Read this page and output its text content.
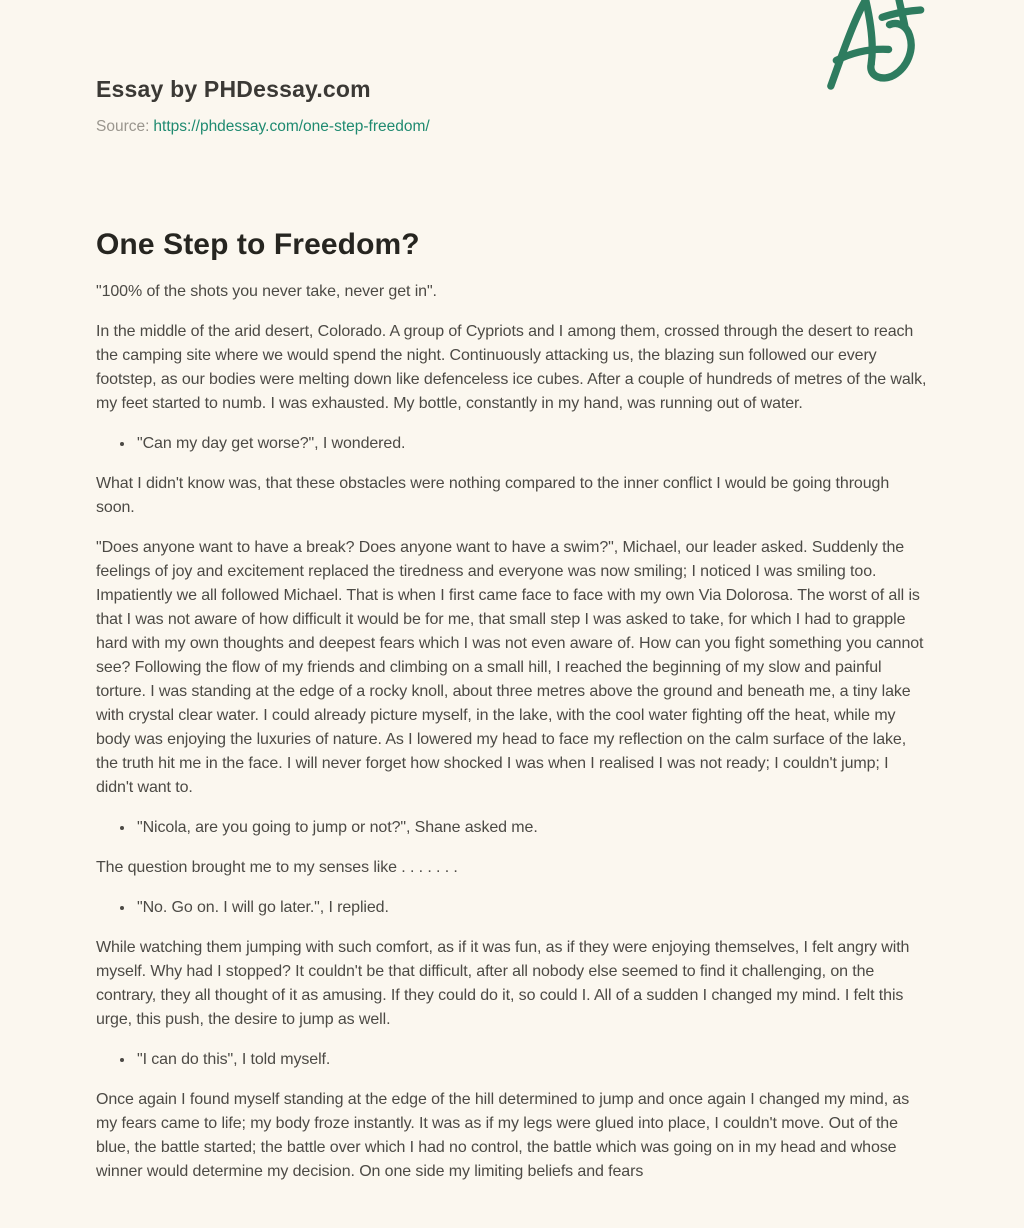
Essay by PHDessay.com
Source: https://phdessay.com/one-step-freedom/
One Step to Freedom?

"100% of the shots you never take, never get in".

In the middle of the arid desert, Colorado. A group of Cypriots and I among them, crossed through the desert to reach the camping site where we would spend the night. Continuously attacking us, the blazing sun followed our every footstep, as our bodies were melting down like defenceless ice cubes. After a couple of hundreds of metres of the walk, my feet started to numb. I was exhausted. My bottle, constantly in my hand, was running out of water.

• "Can my day get worse?", I wondered.

What I didn't know was, that these obstacles were nothing compared to the inner conflict I would be going through soon.

"Does anyone want to have a break? Does anyone want to have a swim?", Michael, our leader asked. Suddenly the feelings of joy and excitement replaced the tiredness and everyone was now smiling; I noticed I was smiling too. Impatiently we all followed Michael. That is when I first came face to face with my own Via Dolorosa. The worst of all is that I was not aware of how difficult it would be for me, that small step I was asked to take, for which I had to grapple hard with my own thoughts and deepest fears which I was not even aware of. How can you fight something you cannot see? Following the flow of my friends and climbing on a small hill, I reached the beginning of my slow and painful torture. I was standing at the edge of a rocky knoll, about three metres above the ground and beneath me, a tiny lake with crystal clear water. I could already picture myself, in the lake, with the cool water fighting off the heat, while my body was enjoying the luxuries of nature. As I lowered my head to face my reflection on the calm surface of the lake, the truth hit me in the face. I will never forget how shocked I was when I realised I was not ready; I couldn't jump; I didn't want to.

• "Nicola, are you going to jump or not?", Shane asked me.

The question brought me to my senses like . . . . . . .

• "No. Go on. I will go later.", I replied.

While watching them jumping with such comfort, as if it was fun, as if they were enjoying themselves, I felt angry with myself. Why had I stopped? It couldn't be that difficult, after all nobody else seemed to find it challenging, on the contrary, they all thought of it as amusing. If they could do it, so could I. All of a sudden I changed my mind. I felt this urge, this push, the desire to jump as well.

• "I can do this", I told myself.

Once again I found myself standing at the edge of the hill determined to jump and once again I changed my mind, as my fears came to life; my body froze instantly. It was as if my legs were glued into place, I couldn't move. Out of the blue, the battle started; the battle over which I had no control, the battle which was going on in my head and whose winner would determine my decision. On one side my limiting beliefs and fears
